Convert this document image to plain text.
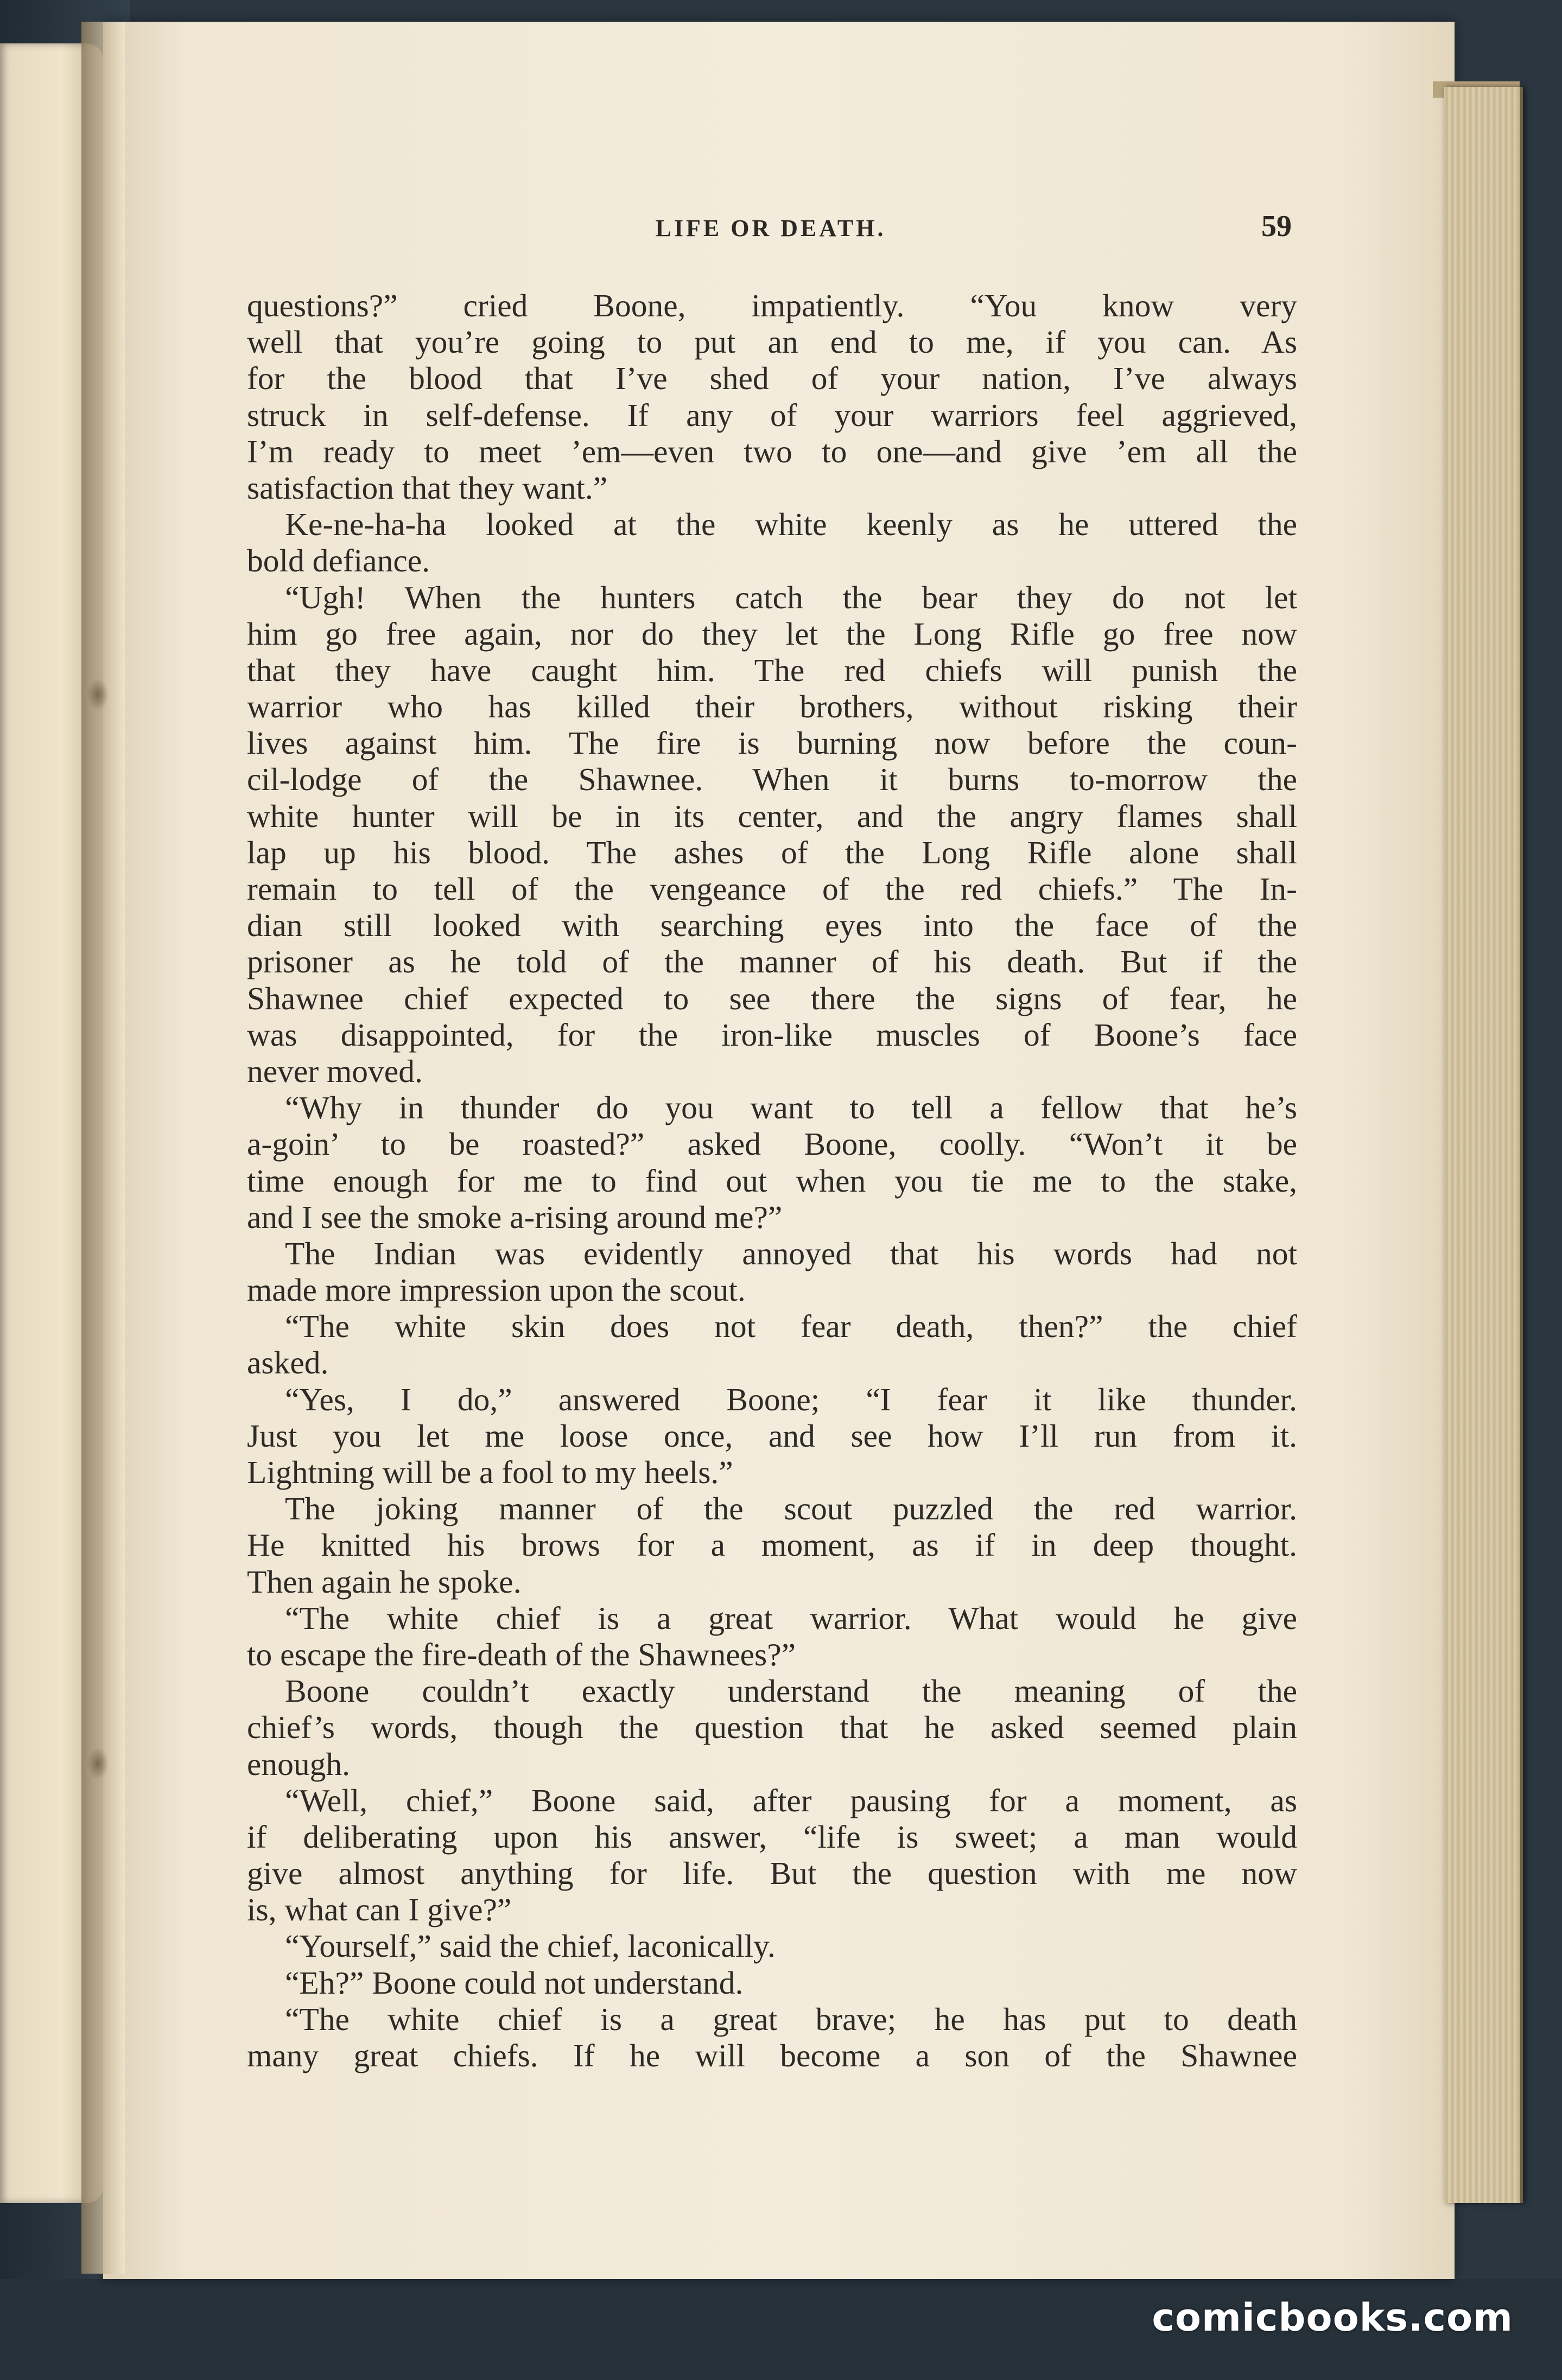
LIFE OR DEATH.	59
questions?” cried Boone, impatiently. “You know very
well that you’re going to put an end to me, if you can. As
for the blood that I’ve shed of your nation, I’ve always
struck in self-defense. If any of your warriors feel aggrieved,
I’m ready to meet ’em—even two to one—and give ’em all the
satisfaction that they want.”
Ke-ne-ha-ha looked at the white keenly as he uttered the
bold defiance.
“Ugh! When the hunters catch the bear they do not let
him go free again, nor do they let the Long Rifle go free now
that they have caught him. The red chiefs will punish the
warrior who has killed their brothers, without risking their
lives against him. The fire is burning now before the coun-
cil-lodge of the Shawnee. When it burns to-morrow the
white hunter will be in its center, and the angry flames shall
lap up his blood. The ashes of the Long Rifle alone shall
remain to tell of the vengeance of the red chiefs.” The In-
dian still looked with searching eyes into the face of the
prisoner as he told of the manner of his death. But if the
Shawnee chief expected to see there the signs of fear, he
was disappointed, for the iron-like muscles of Boone’s face
never moved.
“Why in thunder do you want to tell a fellow that he’s
a-goin’ to be roasted?” asked Boone, coolly. “Won’t it be
time enough for me to find out when you tie me to the stake,
and I see the smoke a-rising around me?”
The Indian was evidently annoyed that his words had not
made more impression upon the scout.
“The white skin does not fear death, then?” the chief
asked.
“Yes, I do,” answered Boone; “I fear it like thunder.
Just you let me loose once, and see how I’ll run from it.
Lightning will be a fool to my heels.”
The joking manner of the scout puzzled the red warrior.
He knitted his brows for a moment, as if in deep thought.
Then again he spoke.
“The white chief is a great warrior. What would he give
to escape the fire-death of the Shawnees?”
Boone couldn’t exactly understand the meaning of the
chief’s words, though the question that he asked seemed plain
enough.
“Well, chief,” Boone said, after pausing for a moment, as
if deliberating upon his answer, “life is sweet; a man would
give almost anything for life. But the question with me now
is, what can I give?”
“Yourself,” said the chief, laconically.
“Eh?” Boone could not understand.
“The white chief is a great brave; he has put to death
many great chiefs. If he will become a son of the Shawnee
comicbooks.com
